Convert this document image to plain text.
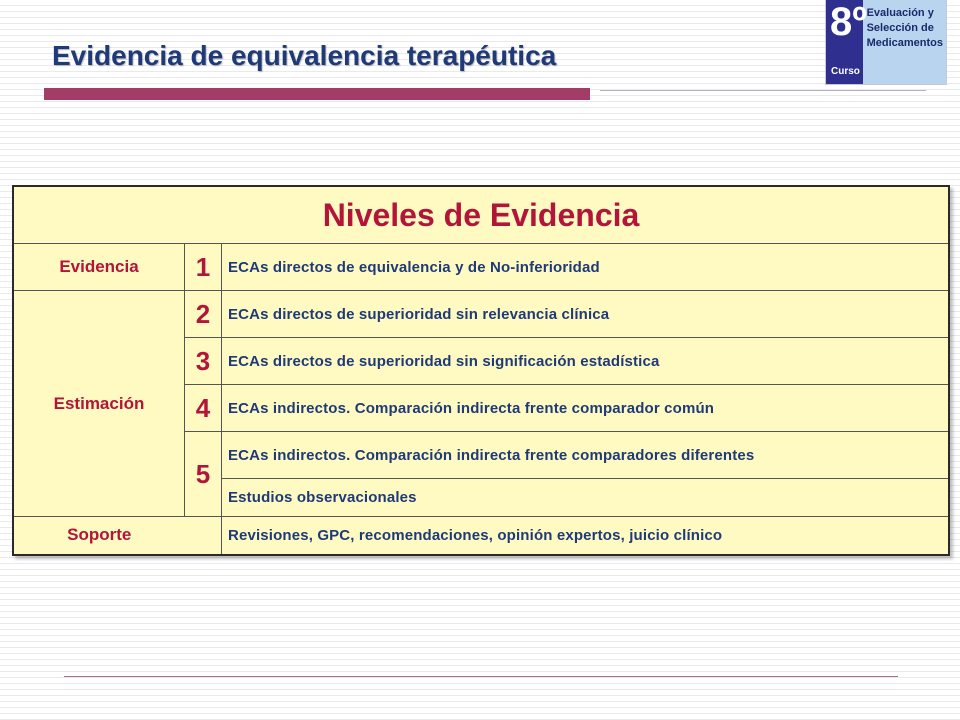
Evidencia de equivalencia terapéutica
8º
Curso
Evaluación y
Selección de
Medicamentos
Niveles de Evidencia		
Evidencia	1	ECAs directos de equivalencia y de No-inferioridad
Estimación	2	ECAs directos de superioridad sin relevancia clínica
	3	ECAs directos de superioridad sin significación estadística
	4	ECAs indirectos. Comparación indirecta frente comparador común
	5	ECAs indirectos. Comparación indirecta frente comparadores diferentes
		Estudios observacionales
Soporte		Revisiones, GPC, recomendaciones, opinión expertos, juicio clínico
